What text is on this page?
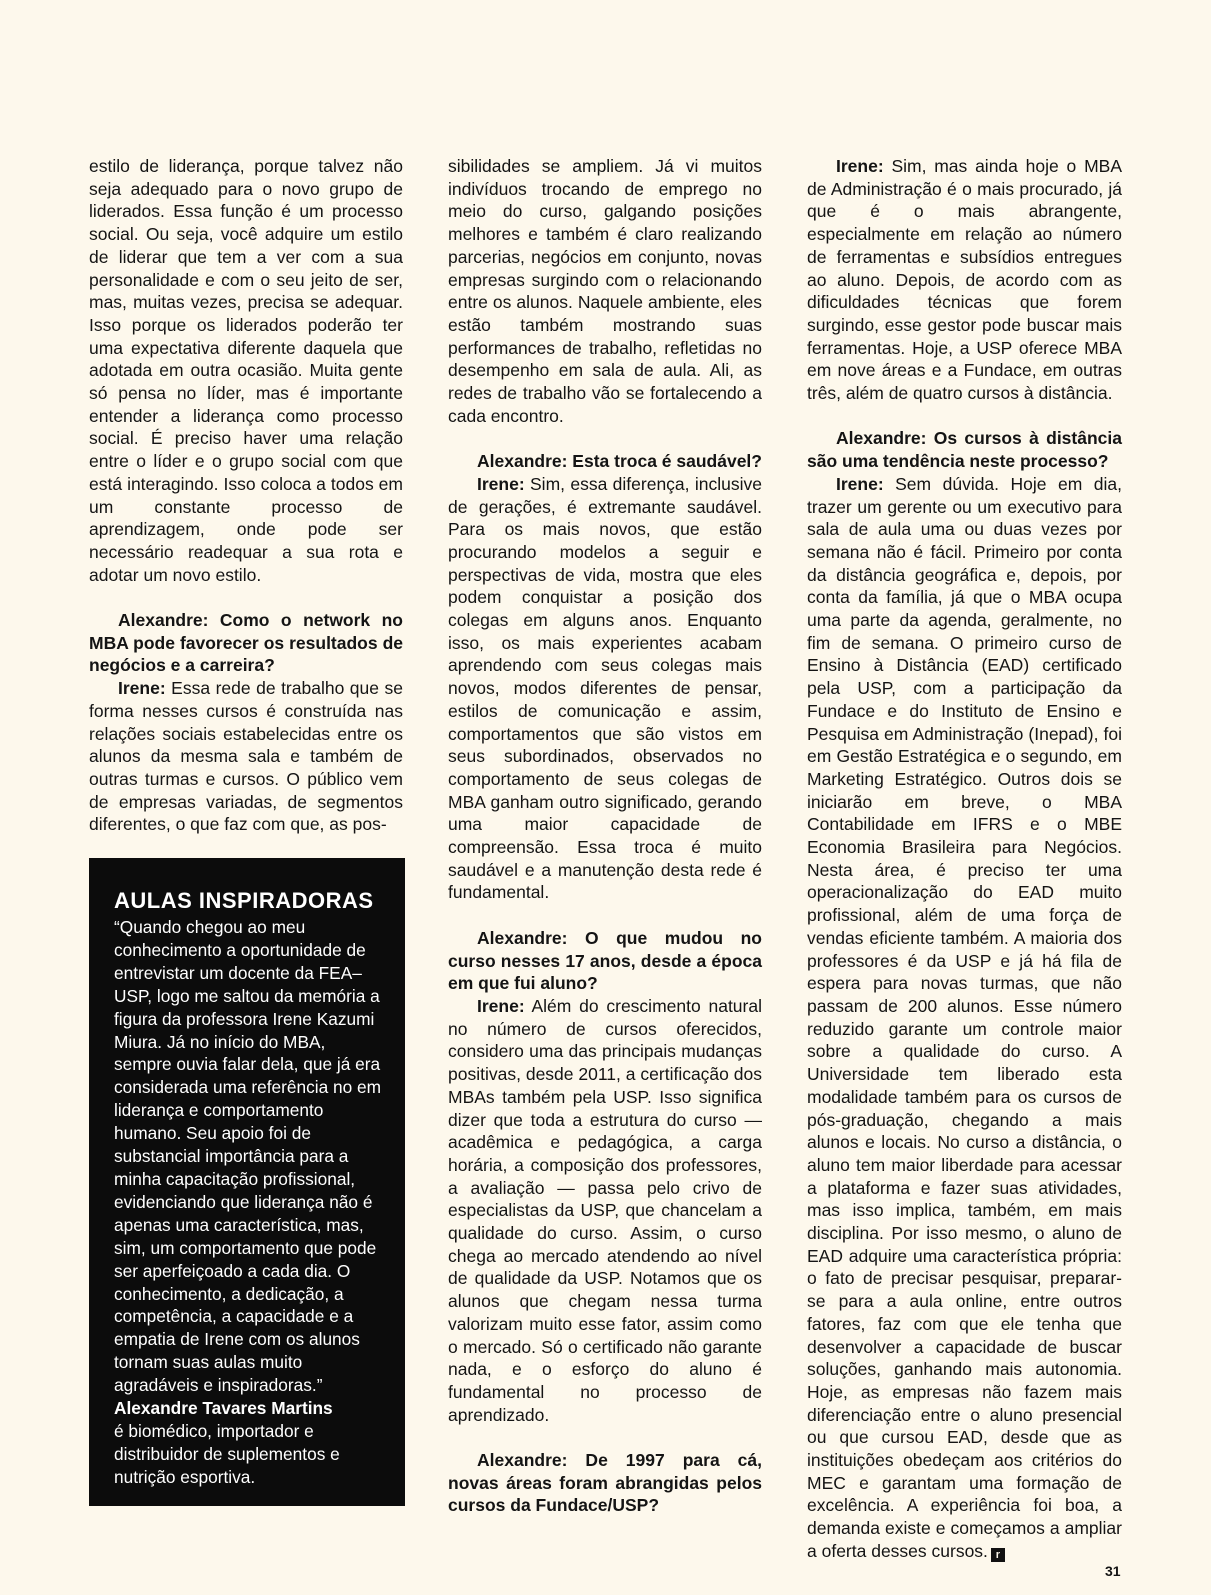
estilo de liderança, porque talvez não seja adequado para o novo grupo de liderados. Essa função é um processo social. Ou seja, você adquire um estilo de liderar que tem a ver com a sua personalidade e com o seu jeito de ser, mas, muitas vezes, precisa se adequar. Isso porque os liderados poderão ter uma expectativa diferente daquela que adotada em outra ocasião. Muita gente só pensa no líder, mas é importante entender a liderança como processo social. É preciso haver uma relação entre o líder e o grupo social com que está interagindo. Isso coloca a todos em um constante processo de aprendizagem, onde pode ser necessário readequar a sua rota e adotar um novo estilo.

Alexandre: Como o network no MBA pode favorecer os resultados de negócios e a carreira?

Irene: Essa rede de trabalho que se forma nesses cursos é construída nas relações sociais estabelecidas entre os alunos da mesma sala e também de outras turmas e cursos. O público vem de empresas variadas, de segmentos diferentes, o que faz com que, as pos-

AULAS INSPIRADORAS

“Quando chegou ao meu conhecimento a oportunidade de entrevistar um docente da FEA–USP, logo me saltou da memória a figura da professora Irene Kazumi Miura. Já no início do MBA, sempre ouvia falar dela, que já era considerada uma referência no em liderança e comportamento humano. Seu apoio foi de substancial importância para a minha capacitação profissional, evidenciando que liderança não é apenas uma característica, mas, sim, um comportamento que pode ser aperfeiçoado a cada dia. O conhecimento, a dedicação, a competência, a capacidade e a empatia de Irene com os alunos tornam suas aulas muito agradáveis e inspiradoras.”
Alexandre Tavares Martins
é biomédico, importador e distribuidor de suplementos e nutrição esportiva.

sibilidades se ampliem. Já vi muitos indivíduos trocando de emprego no meio do curso, galgando posições melhores e também é claro realizando parcerias, negócios em conjunto, novas empresas surgindo com o relacionando entre os alunos. Naquele ambiente, eles estão também mostrando suas performances de trabalho, refletidas no desempenho em sala de aula. Ali, as redes de trabalho vão se fortalecendo a cada encontro.

Alexandre: Esta troca é saudável?

Irene: Sim, essa diferença, inclusive de gerações, é extremante saudável. Para os mais novos, que estão procurando modelos a seguir e perspectivas de vida, mostra que eles podem conquistar a posição dos colegas em alguns anos. Enquanto isso, os mais experientes acabam aprendendo com seus colegas mais novos, modos diferentes de pensar, estilos de comunicação e assim, comportamentos que são vistos em seus subordinados, observados no comportamento de seus colegas de MBA ganham outro significado, gerando uma maior capacidade de compreensão. Essa troca é muito saudável e a manutenção desta rede é fundamental.

Alexandre: O que mudou no curso nesses 17 anos, desde a época em que fui aluno?

Irene: Além do crescimento natural no número de cursos oferecidos, considero uma das principais mudanças positivas, desde 2011, a certificação dos MBAs também pela USP. Isso significa dizer que toda a estrutura do curso — acadêmica e pedagógica, a carga horária, a composição dos professores, a avaliação — passa pelo crivo de especialistas da USP, que chancelam a qualidade do curso. Assim, o curso chega ao mercado atendendo ao nível de qualidade da USP. Notamos que os alunos que chegam nessa turma valorizam muito esse fator, assim como o mercado. Só o certificado não garante nada, e o esforço do aluno é fundamental no processo de aprendizado.

Alexandre: De 1997 para cá, novas áreas foram abrangidas pelos cursos da Fundace/USP?

Irene: Sim, mas ainda hoje o MBA de Administração é o mais procurado, já que é o mais abrangente, especialmente em relação ao número de ferramentas e subsídios entregues ao aluno. Depois, de acordo com as dificuldades técnicas que forem surgindo, esse gestor pode buscar mais ferramentas. Hoje, a USP oferece MBA em nove áreas e a Fundace, em outras três, além de quatro cursos à distância.

Alexandre: Os cursos à distância são uma tendência neste processo?

Irene: Sem dúvida. Hoje em dia, trazer um gerente ou um executivo para sala de aula uma ou duas vezes por semana não é fácil. Primeiro por conta da distância geográfica e, depois, por conta da família, já que o MBA ocupa uma parte da agenda, geralmente, no fim de semana. O primeiro curso de Ensino à Distância (EAD) certificado pela USP, com a participação da Fundace e do Instituto de Ensino e Pesquisa em Administração (Inepad), foi em Gestão Estratégica e o segundo, em Marketing Estratégico. Outros dois se iniciarão em breve, o MBA Contabilidade em IFRS e o MBE Economia Brasileira para Negócios. Nesta área, é preciso ter uma operacionalização do EAD muito profissional, além de uma força de vendas eficiente também. A maioria dos professores é da USP e já há fila de espera para novas turmas, que não passam de 200 alunos. Esse número reduzido garante um controle maior sobre a qualidade do curso. A Universidade tem liberado esta modalidade também para os cursos de pós-graduação, chegando a mais alunos e locais. No curso a distância, o aluno tem maior liberdade para acessar a plataforma e fazer suas atividades, mas isso implica, também, em mais disciplina. Por isso mesmo, o aluno de EAD adquire uma característica própria: o fato de precisar pesquisar, preparar-se para a aula online, entre outros fatores, faz com que ele tenha que desenvolver a capacidade de buscar soluções, ganhando mais autonomia. Hoje, as empresas não fazem mais diferenciação entre o aluno presencial ou que cursou EAD, desde que as instituições obedeçam aos critérios do MEC e garantam uma formação de excelência. A experiência foi boa, a demanda existe e começamos a ampliar a oferta desses cursos. r

31
